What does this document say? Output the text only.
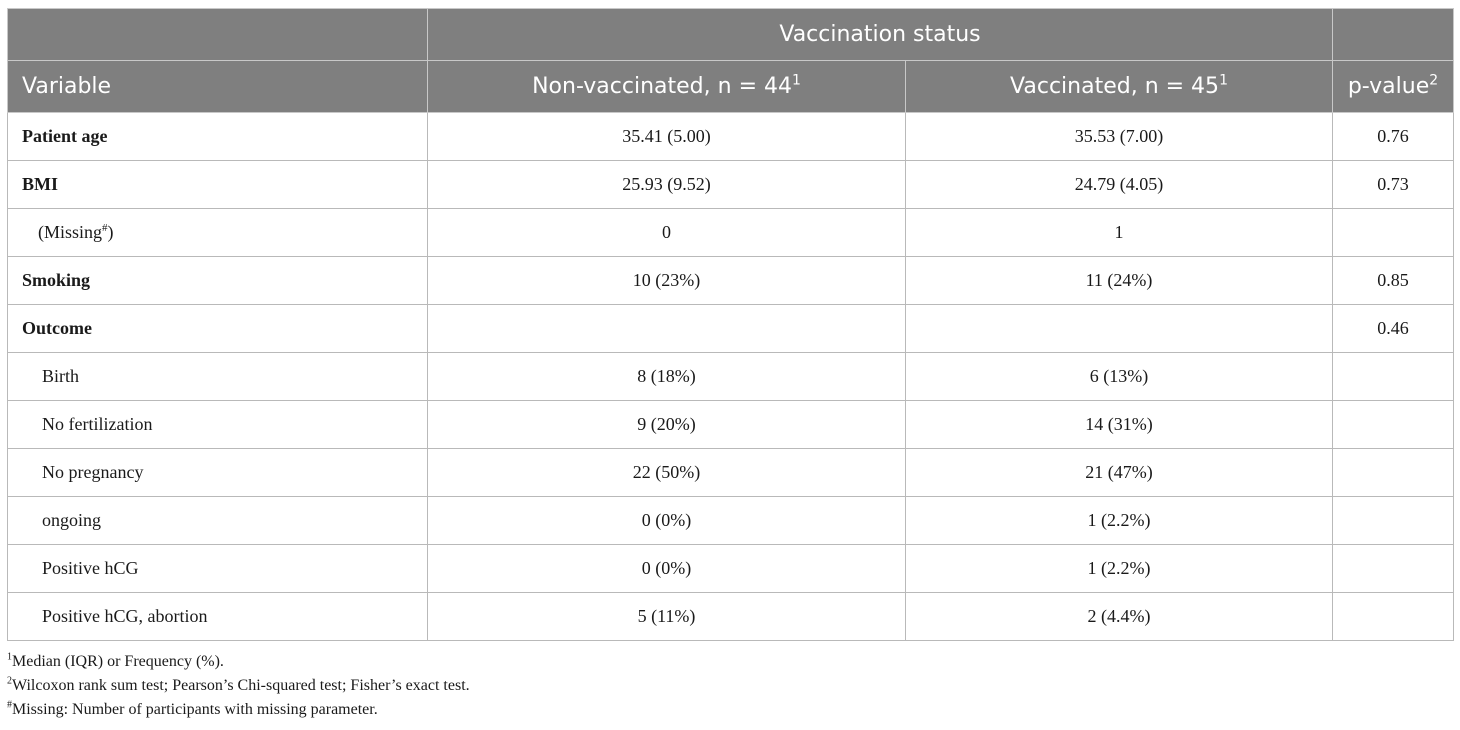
	Vaccination status		
Variable	Non-vaccinated, $n = 44^1$	Vaccinated, $n = 45^1$	p-value$^2$
Patient age	35.41 (5.00)	35.53 (7.00)	0.76
BMI	25.93 (9.52)	24.79 (4.05)	0.73
(Missing#)	0	1	
Smoking	10 (23%)	11 (24%)	0.85
Outcome			0.46
Birth	8 (18%)	6 (13%)	
No fertilization	9 (20%)	14 (31%)	
No pregnancy	22 (50%)	21 (47%)	
ongoing	0 (0%)	1 (2.2%)	
Positive hCG	0 (0%)	1 (2.2%)	
Positive hCG, abortion	5 (11%)	2 (4.4%)	
$^1$Median (IQR) or Frequency (%).
$^2$Wilcoxon rank sum test; Pearson’s Chi-squared test; Fisher’s exact test.
#Missing: Number of participants with missing parameter.
